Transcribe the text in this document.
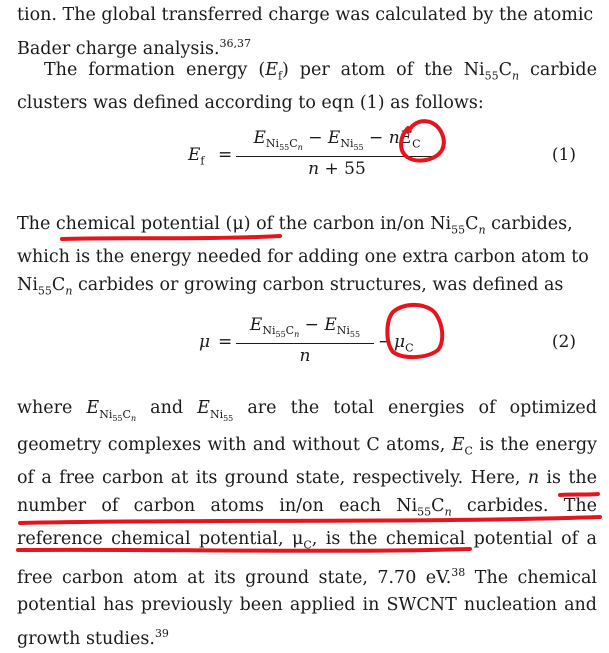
tion. The global transferred charge was calculated by the atomic
Bader charge analysis.$^{36,37}$
The formation energy $(E_f)$ per atom of the $Ni_{55}C_n$ carbide clusters was defined according to eqn (1) as follows:
$E_f$ =
$E_{Ni_{55}C_n} - E_{Ni_{55}} - nE_C$
n + 55
(1)
The chemical potential (μ) of the carbon in/on $Ni_{55}C_n$ carbides,
which is the energy needed for adding one extra carbon atom to
$Ni_{55}C_n$ carbides or growing carbon structures, was defined as
μ =
$E_{Ni_{55}C_n} - E_{Ni_{55}}$
n
− $\mu_C$	(2)
where $E_{Ni_{55}C_n}$ and $E_{Ni_{55}}$ are the total energies of optimized geometry complexes with and without C atoms, $E_C$ is the energy of a free carbon at its ground state, respectively. Here, n is the number of carbon atoms in/on each $Ni_{55}C_n$ carbides. The reference chemical potential, $\mu_C$, is the chemical potential of a free carbon atom at its ground state, 7.70 eV.$^{38}$ The chemical potential has previously been applied in SWCNT nucleation and growth studies.$^{39}$
